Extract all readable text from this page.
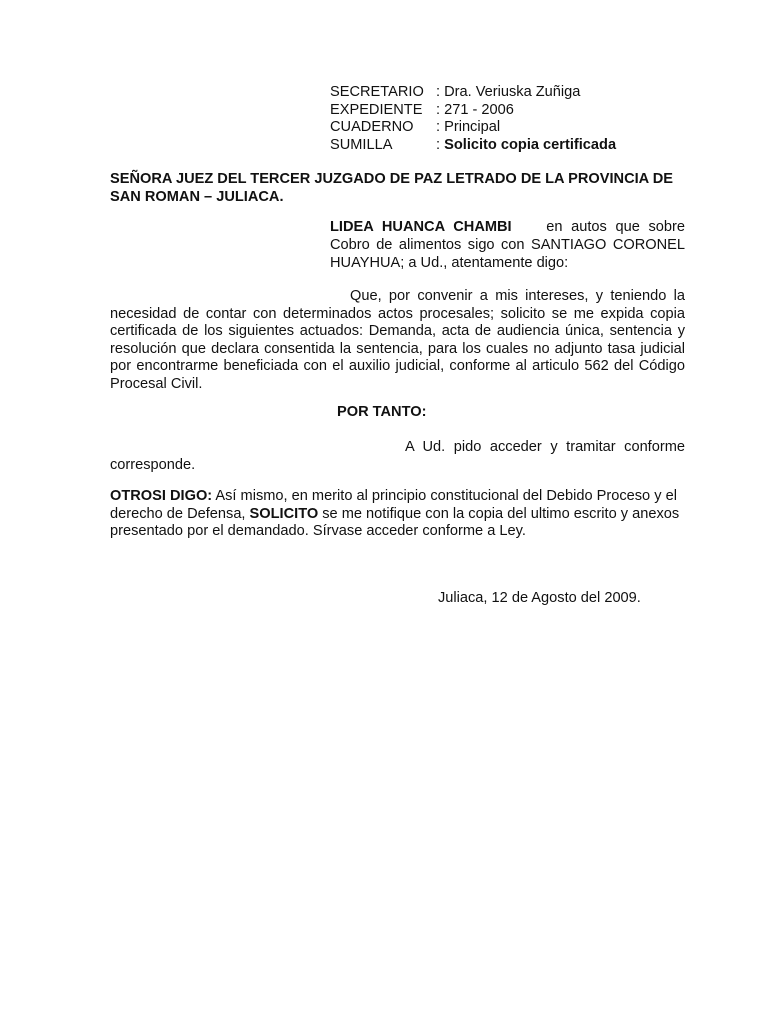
SECRETARIO : Dra. Veriuska Zuñiga
EXPEDIENTE : 271 - 2006
CUADERNO	: Principal
SUMILLA	:
Solicito copia certificada
SEÑORA JUEZ DEL TERCER JUZGADO DE PAZ LETRADO DE LA PROVINCIA DE SAN ROMAN – JULIACA.
LIDEA HUANCA CHAMBI en autos que sobre Cobro de alimentos sigo con SANTIAGO CORONEL HUAYHUA; a Ud., atentamente digo:
Que, por convenir a mis intereses, y teniendo la necesidad de contar con determinados actos procesales; solicito se me expida copia certificada de los siguientes actuados: Demanda, acta de audiencia única, sentencia y resolución que declara consentida la sentencia, para los cuales no adjunto tasa judicial por encontrarme beneficiada con el auxilio judicial, conforme al articulo 562 del Código Procesal Civil.
POR TANTO:
A Ud. pido acceder y tramitar conforme corresponde.
OTROSI DIGO: Así mismo, en merito al principio constitucional del Debido Proceso y el derecho de Defensa, SOLICITO se me notifique con la copia del ultimo escrito y anexos presentado por el demandado. Sírvase acceder conforme a Ley.
Juliaca, 12 de Agosto del 2009.
